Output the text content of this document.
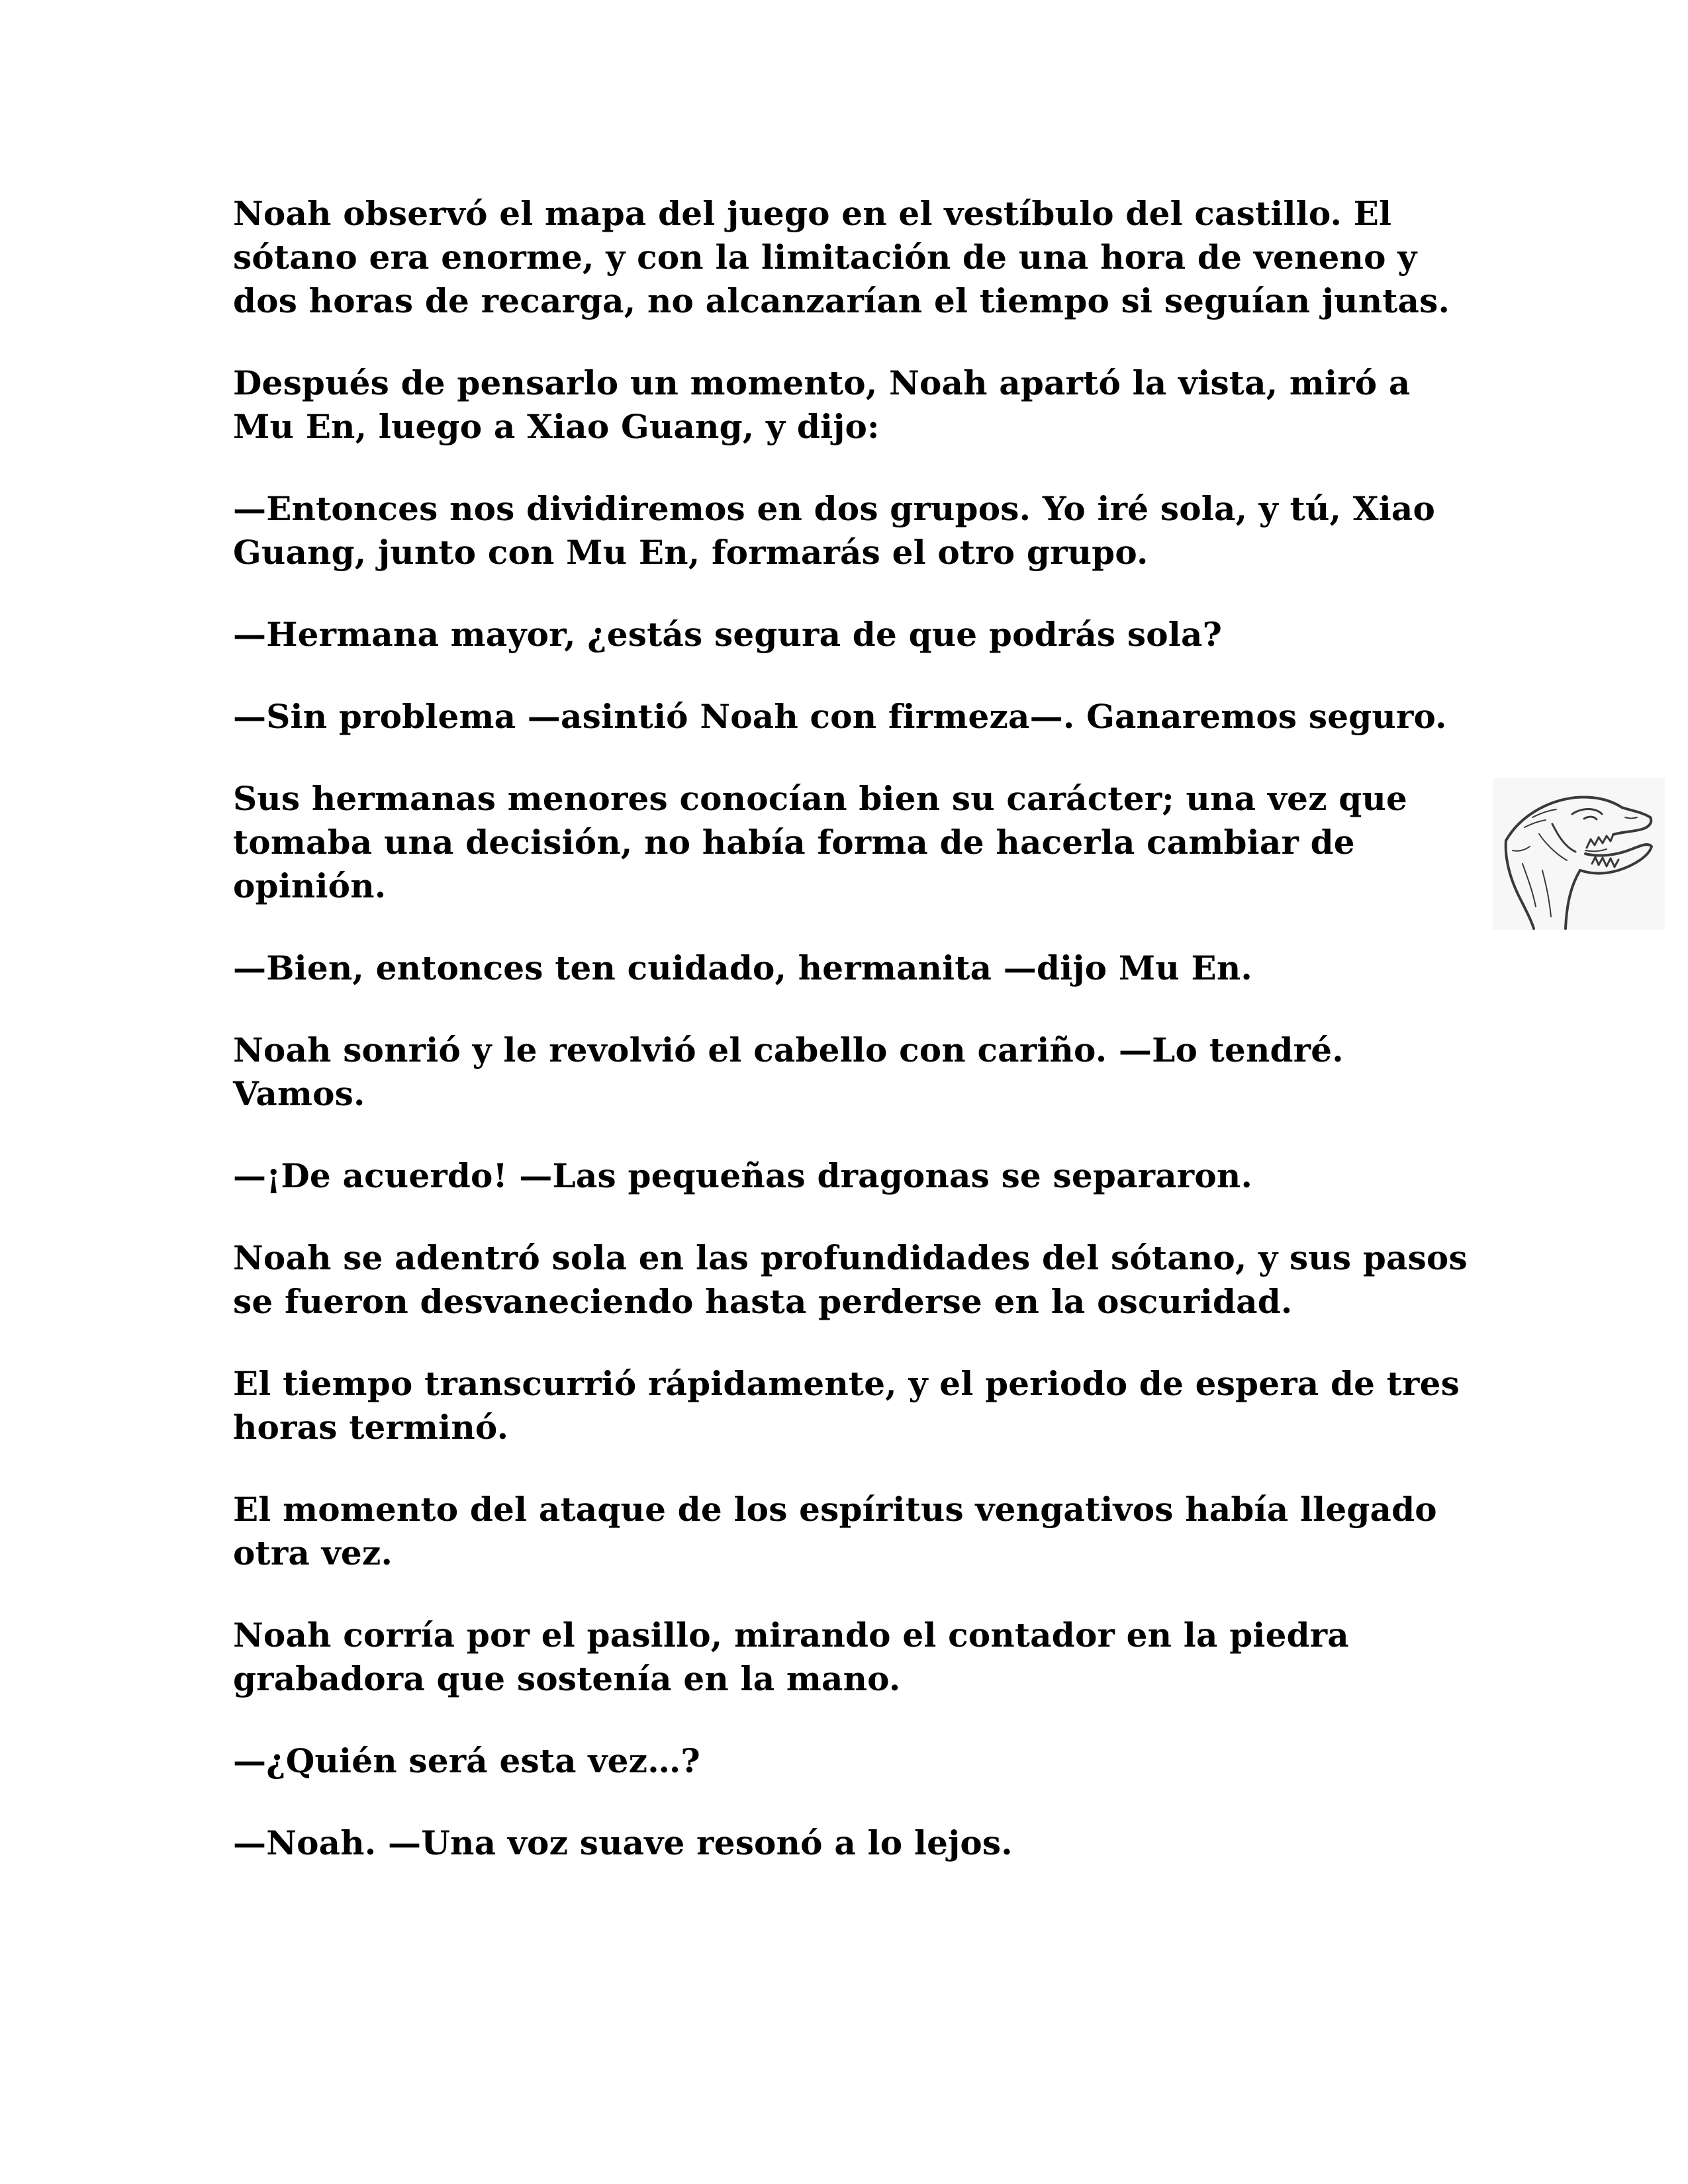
Noah observó el mapa del juego en el vestíbulo del castillo. El sótano era enorme, y con la limitación de una hora de veneno y dos horas de recarga, no alcanzarían el tiempo si seguían juntas.

Después de pensarlo un momento, Noah apartó la vista, miró a Mu En, luego a Xiao Guang, y dijo:

—Entonces nos dividiremos en dos grupos. Yo iré sola, y tú, Xiao Guang, junto con Mu En, formarás el otro grupo.

—Hermana mayor, ¿estás segura de que podrás sola?

—Sin problema —asintió Noah con firmeza—. Ganaremos seguro.

Sus hermanas menores conocían bien su carácter; una vez que tomaba una decisión, no había forma de hacerla cambiar de opinión.

—Bien, entonces ten cuidado, hermanita —dijo Mu En.

Noah sonrió y le revolvió el cabello con cariño. —Lo tendré. Vamos.

—¡De acuerdo! —Las pequeñas dragonas se separaron.

Noah se adentró sola en las profundidades del sótano, y sus pasos se fueron desvaneciendo hasta perderse en la oscuridad.

El tiempo transcurrió rápidamente, y el periodo de espera de tres horas terminó.

El momento del ataque de los espíritus vengativos había llegado otra vez.

Noah corría por el pasillo, mirando el contador en la piedra grabadora que sostenía en la mano.

—¿Quién será esta vez…?

—Noah. —Una voz suave resonó a lo lejos.
